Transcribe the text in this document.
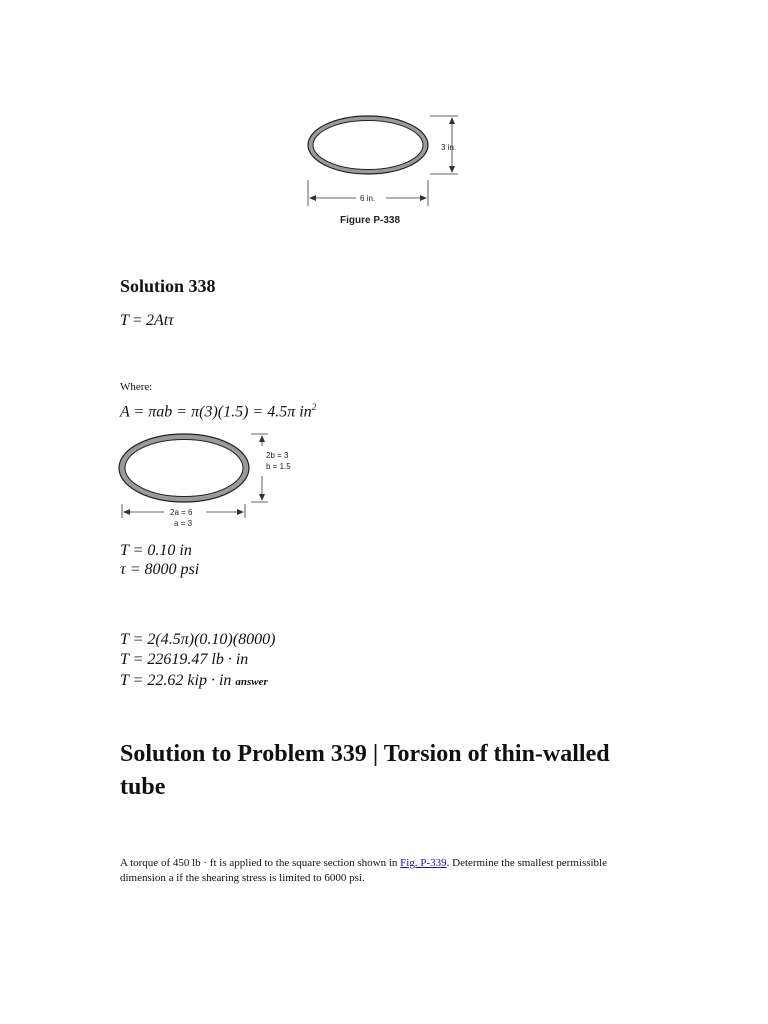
3 in.
6 in.
Figure P-338
Solution 338
T = 2Atτ
Where:
A = πab = π(3)(1.5) = 4.5π $in^2$
2b = 3
b = 1.5
2a = 6
a = 3
T = 0.10 in
τ = 8000 psi
T = 2(4.5π)(0.10)(8000)
T = 22619.47 lb · in
T = 22.62 kip · in answer
Solution to Problem 339 | Torsion of thin-walled tube

A torque of 450 lb · ft is applied to the square section shown in Fig. P-339. Determine the smallest permissible dimension a if the shearing stress is limited to 6000 psi.
